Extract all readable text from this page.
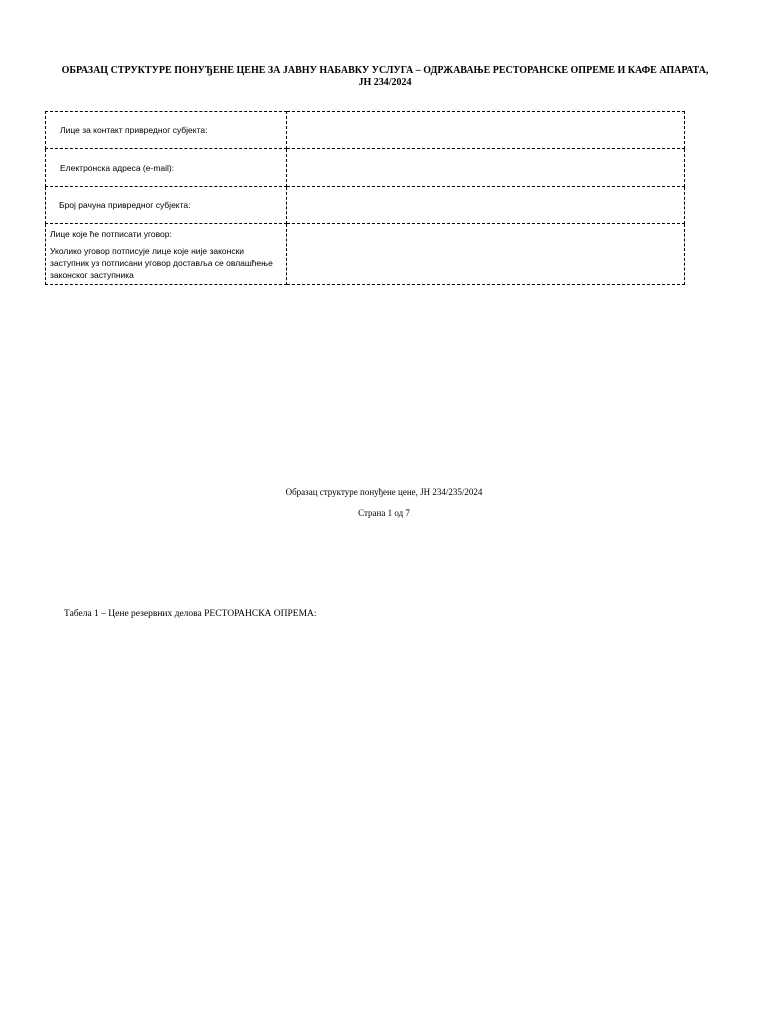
ОБРАЗАЦ СТРУКТУРЕ ПОНУЂЕНЕ ЦЕНЕ ЗА ЈАВНУ НАБАВКУ УСЛУГА – ОДРЖАВАЊЕ РЕСТОРАНСКЕ ОПРЕМЕ И КАФЕ АПАРАТА, ЈН 234/2024
Лице за контакт привредног субјекта:	
Електронска адреса (e-mail):	
Број рачуна привредног субјекта:	

Лице које ће потписати уговор:
Уколико уговор потписује лице које није законски заступник уз потписани уговор доставља се овлашћење законског заступника	

Образац структуре понуђене цене, ЈН 234/235/2024
Страна 1 од 7
Табела 1 – Цене резервних делова РЕСТОРАНСКА ОПРЕМА:
